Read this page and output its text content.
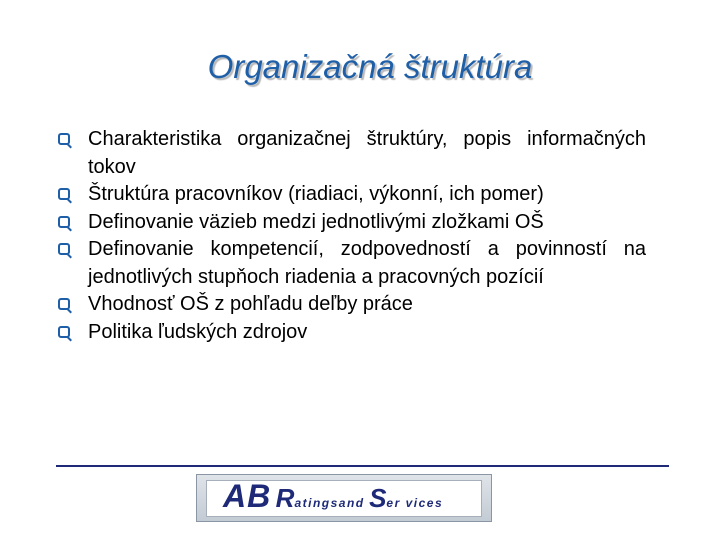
Organizačná štruktúra
Charakteristika organizačnej štruktúry, popis informačných tokov
Štruktúra pracovníkov (riadiaci, výkonní, ich pomer)
Definovanie väzieb medzi jednotlivými zložkami OŠ
Definovanie kompetencií, zodpovedností a povinností na jednotlivých stupňoch riadenia a pracovných pozícií
Vhodnosť OŠ z pohľadu deľby práce
Politika ľudských zdrojov
AB Ratingsand Ser vices
